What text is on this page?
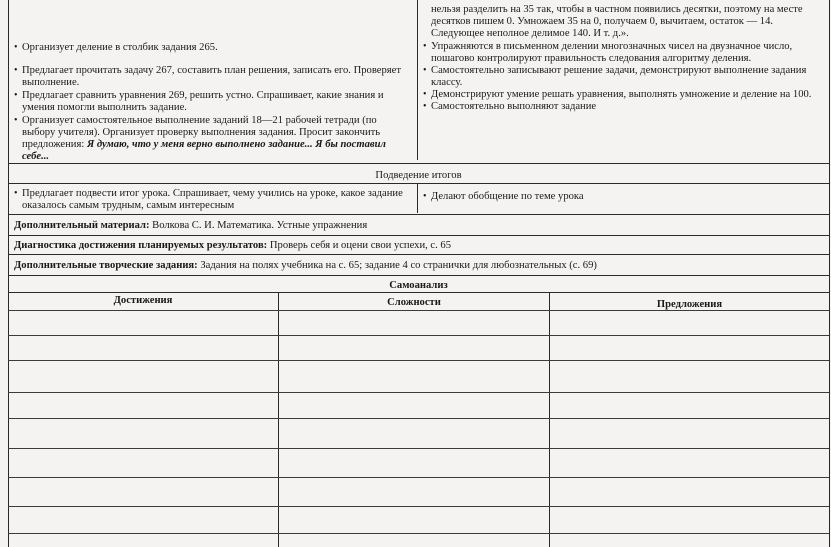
• Организует деление в столбик задания 265.
• Предлагает прочитать задачу 267, составить план решения, записать его. Проверяет выполнение.
• Предлагает сравнить уравнения 269, решить устно. Спрашивает, какие знания и умения помогли выполнить задание.
• Организует самостоятельное выполнение заданий 18—21 рабочей тетради (по выбору учителя). Организует проверку выполнения задания. Просит закончить предложения: Я думаю, что у меня верно выполнено задание... Я бы поставил себе...
нельзя разделить на 35 так, чтобы в частном появились десятки, поэтому на месте десятков пишем 0. Умножаем 35 на 0, получаем 0, вычитаем, остаток — 14. Следующее неполное делимое 140. И т. д.».
• Упражняются в письменном делении многозначных чисел на двузначное число, пошагово контролируют правильность следования алгоритму деления.
• Самостоятельно записывают решение задачи, демонстрируют выполнение задания классу.
• Демонстрируют умение решать уравнения, выполнять умножение и деление на 100.
• Самостоятельно выполняют задание
Подведение итогов
• Предлагает подвести итог урока. Спрашивает, чему учились на уроке, какое задание оказалось самым трудным, самым интересным
• Делают обобщение по теме урока
Дополнительный материал: Волкова С. И. Математика. Устные упражнения
Диагностика достижения планируемых результатов: Проверь себя и оцени свои успехи, с. 65
Дополнительные творческие задания: Задания на полях учебника на с. 65; задание 4 со странички для любознательных (с. 69)
Самоанализ
Достижения	Сложности	Предложения
